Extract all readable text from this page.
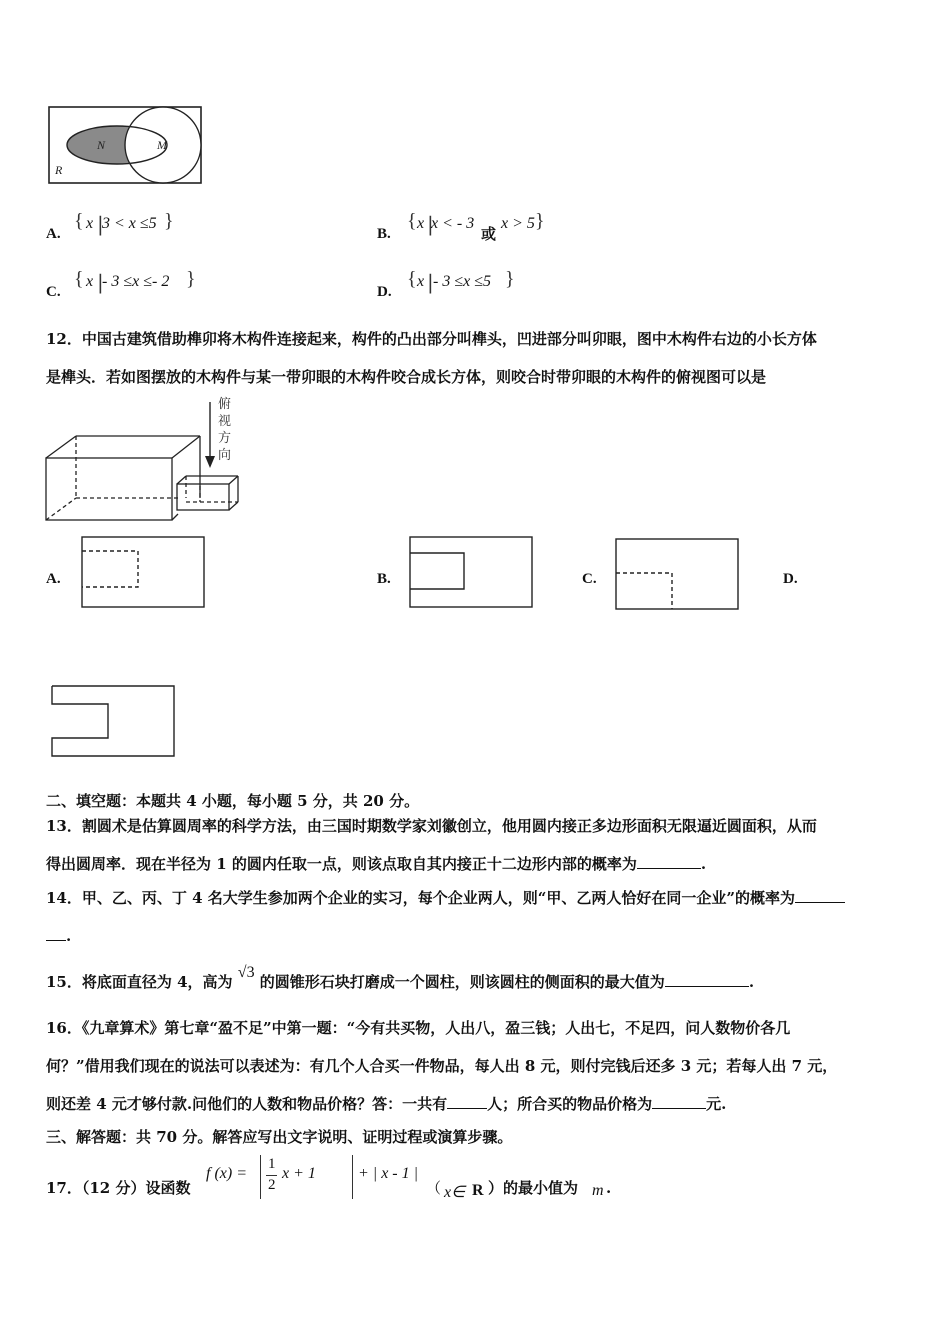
N	M
R
A.
{ x |
3 < x ≤5 }
B.
{ x |
x < - 3
或
x > 5 }
C.
{ x |
- 3 ≤x ≤- 2 }
D.
{ x | - 3 ≤x ≤5 }
12．中国古建筑借助榫卯将木构件连接起来，构件的凸出部分叫榫头，凹进部分叫卯眼，图中木构件右边的小长方体
是榫头．若如图摆放的木构件与某一带卯眼的木构件咬合成长方体，则咬合时带卯眼的木构件的俯视图可以是
俯
视
方
向
A.	B.	C.	D.
二、填空题：本题共 4 小题，每小题 5 分，共 20 分。
13．割圆术是估算圆周率的科学方法，由三国时期数学家刘徽创立，他用圆内接正多边形面积无限逼近圆面积，从而
得出圆周率．现在半径为 1 的圆内任取一点，则该点取自其内接正十二边形内部的概率为	.
14．甲、乙、丙、丁 4 名大学生参加两个企业的实习，每个企业两人，则“甲、乙两人恰好在同一企业”的概率为
.
15．将底面直径为 4，高为 √3 的圆锥形石块打磨成一个圆柱，则该圆柱的侧面积的最大值为	.
16．《九章算术》第七章“盈不足”中第一题：“今有共买物，人出八，盈三钱；人出七，不足四，问人数物价各几
何？”借用我们现在的说法可以表述为：有几个人合买一件物品，每人出 8 元，则付完钱后还多 3 元；若每人出 7 元，
则还差 4 元才够付款.问他们的人数和物品价格？答：一共有	人；所合买的物品价格为	元.
三、解答题：共 70 分。解答应写出文字说明、证明过程或演算步骤。
17．（12 分）设函数
f (x) =
1
2
x + 1	+ | x - 1 |
（ x∈ R ）的最小值为 m .
